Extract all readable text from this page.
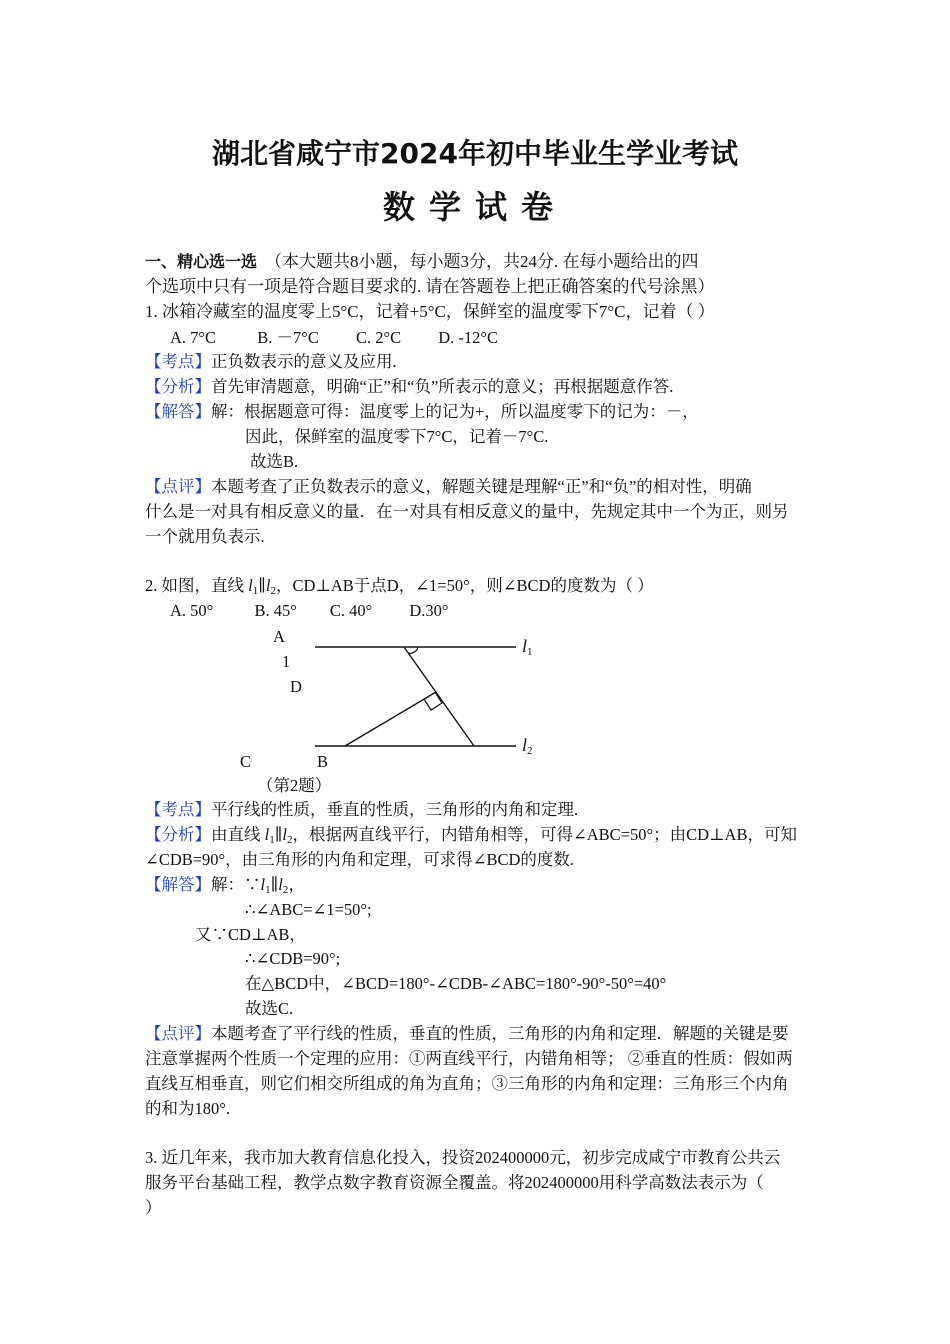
湖北省咸宁市2024年初中毕业生学业考试
数学试卷
一、精心选一选 （本大题共8小题，每小题3分，共24分. 在每小题给出的四
个选项中只有一项是符合题目要求的. 请在答题卷上把正确答案的代号涂黑）
1. 冰箱冷藏室的温度零上5°C，记着+5°C，保鲜室的温度零下7°C，记着（ ）
A. 7°C          B. －7°C         C. 2°C         D. -12°C
【考点】正负数表示的意义及应用.
【分析】首先审清题意，明确“正”和“负”所表示的意义；再根据题意作答.
【解答】解：根据题意可得：温度零上的记为+，所以温度零下的记为：－，
因此，保鲜室的温度零下7°C，记着－7°C.
故选B.
【点评】本题考查了正负数表示的意义，解题关键是理解“正”和“负”的相对性，明确
什么是一对具有相反意义的量．在一对具有相反意义的量中，先规定其中一个为正，则另
一个就用负表示.
2. 如图，直线 $l_1\parallel l_2$，CD⊥AB于点D，∠1=50°，则∠BCD的度数为（ ）
A. 50°          B. 45°        C. 40°         D.30°
A
1
D
C	B
$l_1$
$l_2$
（第2题）
【考点】平行线的性质，垂直的性质，三角形的内角和定理.
【分析】由直线 $l_1\parallel l_2$，根据两直线平行，内错角相等，可得∠ABC=50°；由CD⊥AB，可知
∠CDB=90°，由三角形的内角和定理，可求得∠BCD的度数.
【解答】解：$\because l_1\parallel l_2$，
∴∠ABC=∠1=50°;
又∵CD⊥AB，
∴∠CDB=90°;
在△BCD中，∠BCD=180°-∠CDB-∠ABC=180°-90°-50°=40°
故选C.
【点评】本题考查了平行线的性质，垂直的性质，三角形的内角和定理．解题的关键是要
注意掌握两个性质一个定理的应用：①两直线平行，内错角相等； ②垂直的性质：假如两
直线互相垂直，则它们相交所组成的角为直角；③三角形的内角和定理：三角形三个内角
的和为180°.
3. 近几年来，我市加大教育信息化投入，投资202400000元，初步完成咸宁市教育公共云
服务平台基础工程，教学点数字教育资源全覆盖。将202400000用科学高数法表示为（
）
